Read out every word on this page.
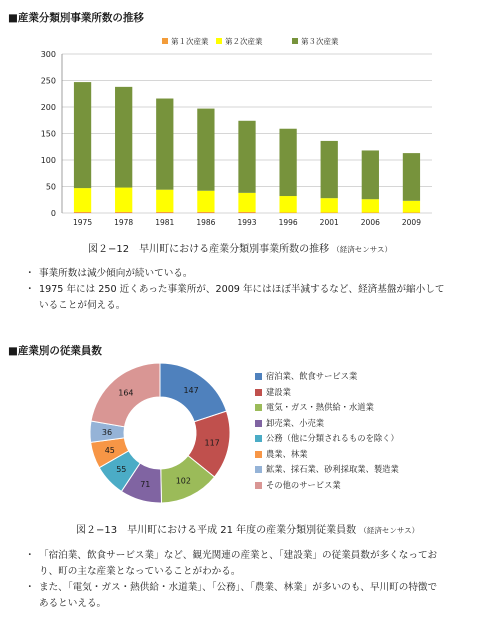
■産業分類別事業所数の推移
0
50
100
150
200
250
300
1975	1978	1981	1986	1993	1996	2001	2006	2009
第１次産業 第２次産業	第３次産業
図２−12　早川町における産業分類別事業所数の推移 （経済センサス）
・ 事業所数は減少傾向が続いている。
・ 1975 年には 250 近くあった事業所が、2009 年にはほぼ半減するなど、経済基盤が縮小していることが伺える。
■産業別の従業員数
147
117
102
71
55
45
36
164
宿泊業、飲食サービス業
建設業
電気・ガス・熱供給・水道業
卸売業、小売業
公務（他に分類されるものを除く）
農業、林業
鉱業、採石業、砂利採取業、製造業
その他のサービス業
図２−13　早川町における平成 21 年度の産業分類別従業員数 （経済センサス）
・ 「宿泊業、飲食サービス業」など、観光関連の産業と、「建設業」の従業員数が多くなっており、町の主な産業となっていることがわかる。
・ また、「電気・ガス・熱供給・水道業」、「公務」、「農業、林業」が多いのも、早川町の特徴であるといえる。
